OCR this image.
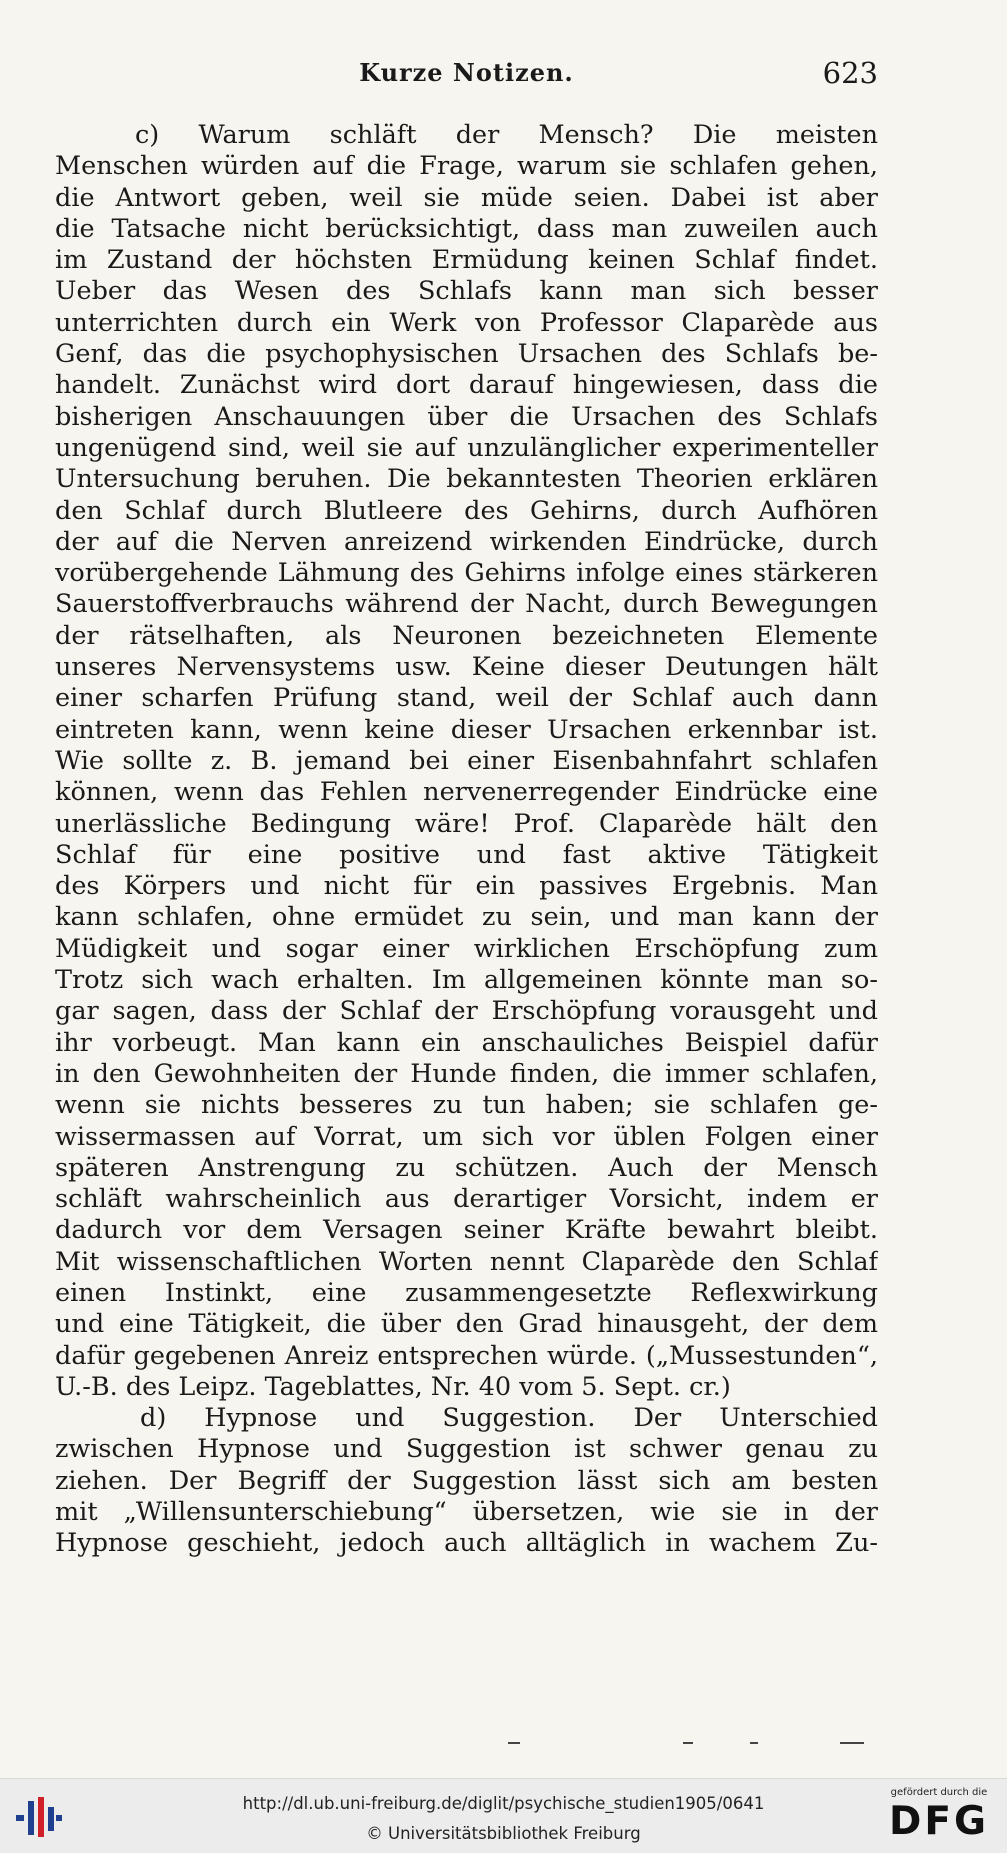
Kurze Notizen.	623
c) Warum schläft der Mensch? Die meisten
Menschen würden auf die Frage, warum sie schlafen gehen,
die Antwort geben, weil sie müde seien. Dabei ist aber
die Tatsache nicht berücksichtigt, dass man zuweilen auch
im Zustand der höchsten Ermüdung keinen Schlaf findet.
Ueber das Wesen des Schlafs kann man sich besser
unterrichten durch ein Werk von Professor Claparède aus
Genf, das die psychophysischen Ursachen des Schlafs be-
handelt. Zunächst wird dort darauf hingewiesen, dass die
bisherigen Anschauungen über die Ursachen des Schlafs
ungenügend sind, weil sie auf unzulänglicher experimenteller
Untersuchung beruhen. Die bekanntesten Theorien erklären
den Schlaf durch Blutleere des Gehirns, durch Aufhören
der auf die Nerven anreizend wirkenden Eindrücke, durch
vorübergehende Lähmung des Gehirns infolge eines stärkeren
Sauerstoffverbrauchs während der Nacht, durch Bewegungen
der rätselhaften, als Neuronen bezeichneten Elemente
unseres Nervensystems usw. Keine dieser Deutungen hält
einer scharfen Prüfung stand, weil der Schlaf auch dann
eintreten kann, wenn keine dieser Ursachen erkennbar ist.
Wie sollte z. B. jemand bei einer Eisenbahnfahrt schlafen
können, wenn das Fehlen nervenerregender Eindrücke eine
unerlässliche Bedingung wäre! Prof. Claparède hält den
Schlaf für eine positive und fast aktive Tätigkeit
des Körpers und nicht für ein passives Ergebnis. Man
kann schlafen, ohne ermüdet zu sein, und man kann der
Müdigkeit und sogar einer wirklichen Erschöpfung zum
Trotz sich wach erhalten. Im allgemeinen könnte man so-
gar sagen, dass der Schlaf der Erschöpfung vorausgeht und
ihr vorbeugt. Man kann ein anschauliches Beispiel dafür
in den Gewohnheiten der Hunde finden, die immer schlafen,
wenn sie nichts besseres zu tun haben; sie schlafen ge-
wissermassen auf Vorrat, um sich vor üblen Folgen einer
späteren Anstrengung zu schützen. Auch der Mensch
schläft wahrscheinlich aus derartiger Vorsicht, indem er
dadurch vor dem Versagen seiner Kräfte bewahrt bleibt.
Mit wissenschaftlichen Worten nennt Claparède den Schlaf
einen Instinkt, eine zusammengesetzte Reflexwirkung
und eine Tätigkeit, die über den Grad hinausgeht, der dem
dafür gegebenen Anreiz entsprechen würde. („Mussestunden“,
U.-B. des Leipz. Tageblattes, Nr. 40 vom 5. Sept. cr.)
d) Hypnose und Suggestion. Der Unterschied
zwischen Hypnose und Suggestion ist schwer genau zu
ziehen. Der Begriff der Suggestion lässt sich am besten
mit „Willensunterschiebung“ übersetzen, wie sie in der
Hypnose geschieht, jedoch auch alltäglich in wachem Zu-
http://dl.ub.uni-freiburg.de/diglit/psychische_studien1905/0641
© Universitätsbibliothek Freiburg
gefördert durch die
DFG
